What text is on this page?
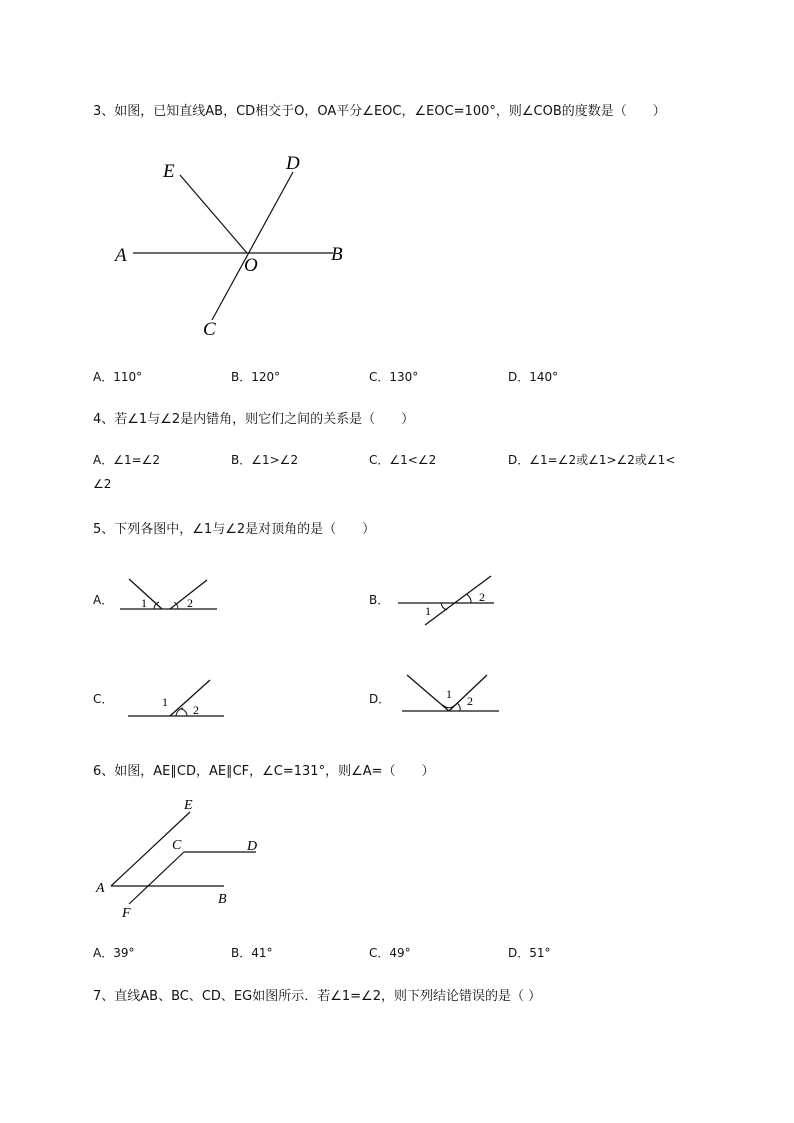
3、如图，已知直线AB，CD相交于O，OA平分∠EOC，∠EOC=100°，则∠COB的度数是（　　）
E	D
A	O
B
C
A．110°	B．120°	C．130°	D．140°
4、若∠1与∠2是内错角，则它们之间的关系是（　　）
A．∠1=∠2	B．∠1>∠2	C．∠1<∠2	D．∠1=∠2或∠1>∠2或∠1<
∠2
5、下列各图中，∠1与∠2是对顶角的是（　　）
A．	B．
C．	D．
1	2
1
2
1
2
1 2
6、如图，AE∥CD，AE∥CF，∠C=131°，则∠A=（　　）
E
C	D
A
F
B
A．39°	B．41°	C．49°	D．51°
7、直线AB、BC、CD、EG如图所示．若∠1=∠2，则下列结论错误的是（ ）
